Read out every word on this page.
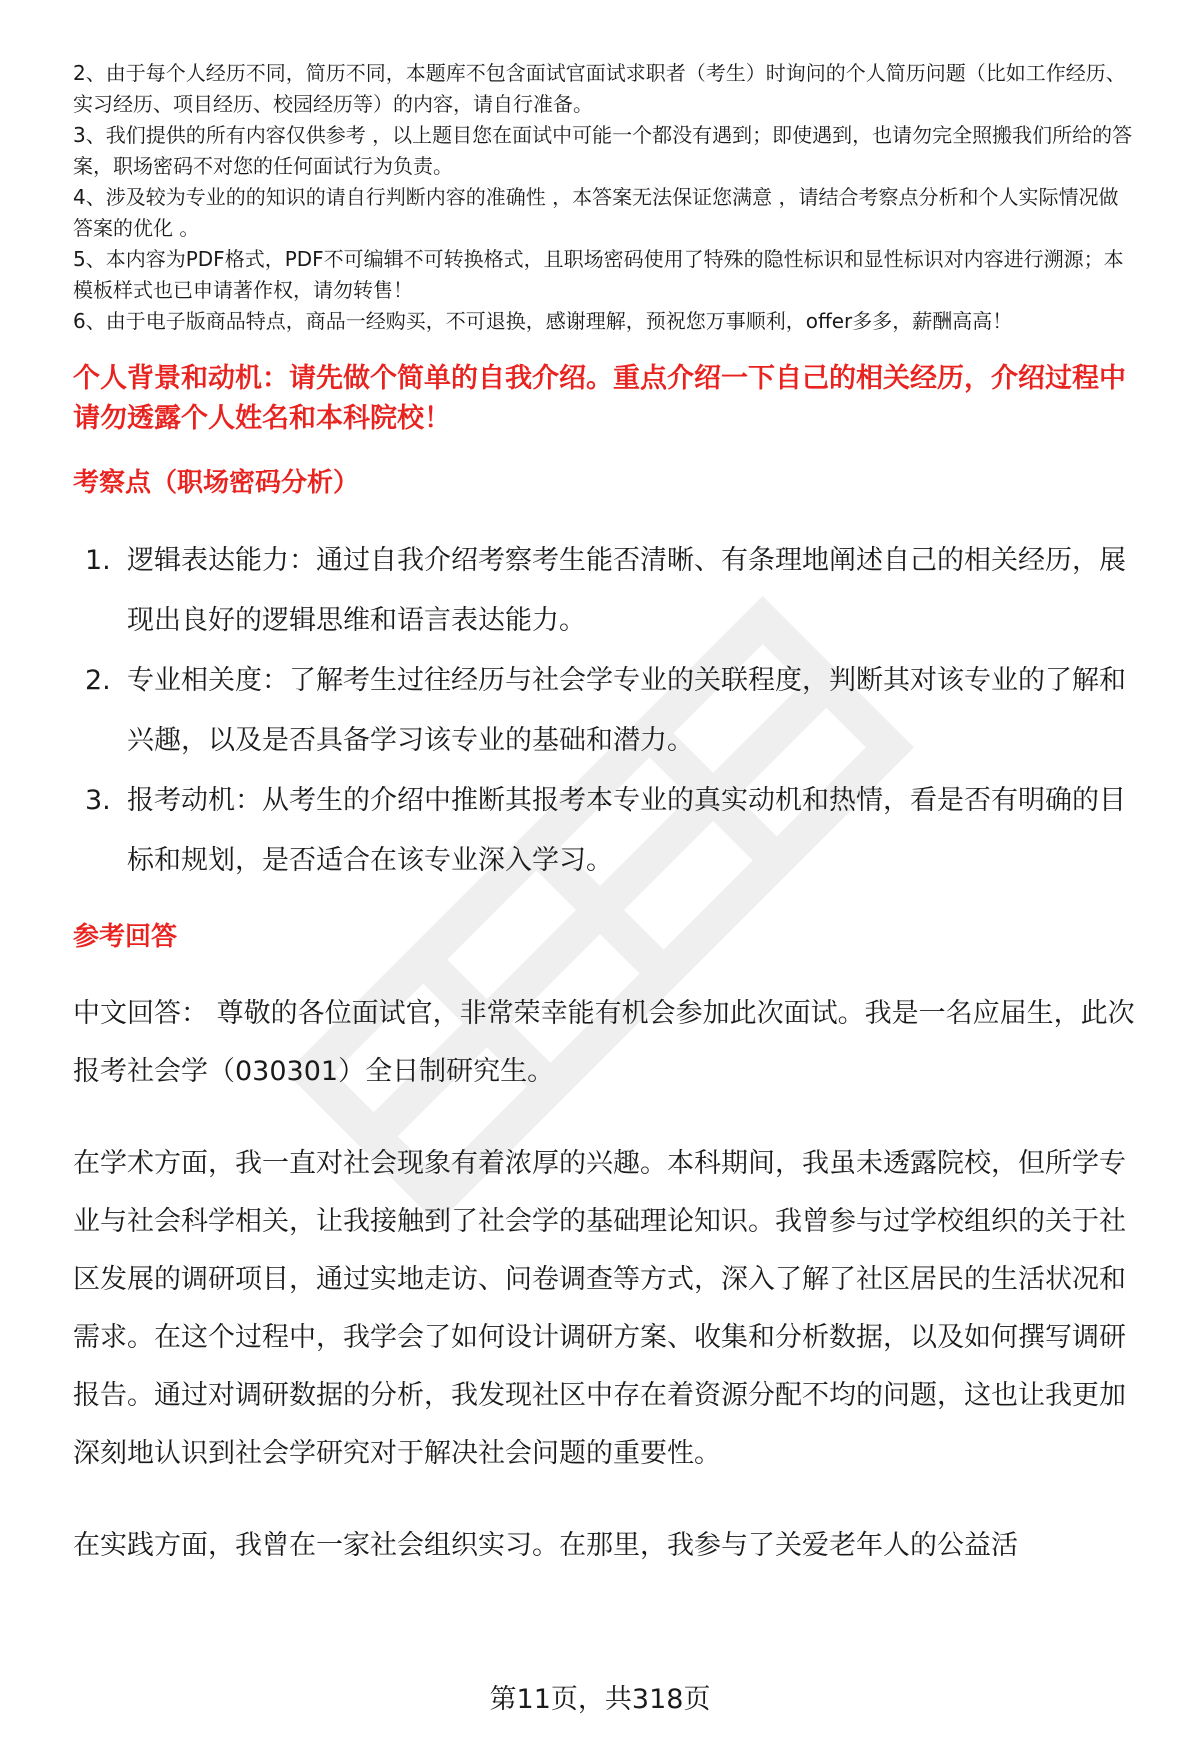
2、由于每个人经历不同，简历不同，本题库不包含面试官面试求职者（考生）时询问的个人简历问题（比如工作经历、实习经历、项目经历、校园经历等）的内容，请自行准备。

3、我们提供的所有内容仅供参考 ，以上题目您在面试中可能一个都没有遇到；即使遇到，也请勿完全照搬我们所给的答案，职场密码不对您的任何面试行为负责。

4、涉及较为专业的的知识的请自行判断内容的准确性 ，本答案无法保证您满意 ，请结合考察点分析和个人实际情况做答案的优化 。

5、本内容为PDF格式，PDF不可编辑不可转换格式，且职场密码使用了特殊的隐性标识和显性标识对内容进行溯源；本模板样式也已申请著作权，请勿转售！

6、由于电子版商品特点，商品一经购买，不可退换，感谢理解，预祝您万事顺利，offer多多，薪酬高高！

个人背景和动机：请先做个简单的自我介绍。重点介绍一下自己的相关经历，介绍过程中请勿透露个人姓名和本科院校！
考察点（职场密码分析）
1. 逻辑表达能力：通过自我介绍考察考生能否清晰、有条理地阐述自己的相关经历，展现出良好的逻辑思维和语言表达能力。
2. 专业相关度：了解考生过往经历与社会学专业的关联程度，判断其对该专业的了解和兴趣，以及是否具备学习该专业的基础和潜力。
3. 报考动机：从考生的介绍中推断其报考本专业的真实动机和热情，看是否有明确的目标和规划，是否适合在该专业深入学习。
参考回答

中文回答： 尊敬的各位面试官，非常荣幸能有机会参加此次面试。我是一名应届生，此次报考社会学（030301）全日制研究生。

在学术方面，我一直对社会现象有着浓厚的兴趣。本科期间，我虽未透露院校，但所学专业与社会科学相关，让我接触到了社会学的基础理论知识。我曾参与过学校组织的关于社区发展的调研项目，通过实地走访、问卷调查等方式，深入了解了社区居民的生活状况和需求。在这个过程中，我学会了如何设计调研方案、收集和分析数据，以及如何撰写调研报告。通过对调研数据的分析，我发现社区中存在着资源分配不均的问题，这也让我更加深刻地认识到社会学研究对于解决社会问题的重要性。

在实践方面，我曾在一家社会组织实习。在那里，我参与了关爱老年人的公益活

第11页，共318页
